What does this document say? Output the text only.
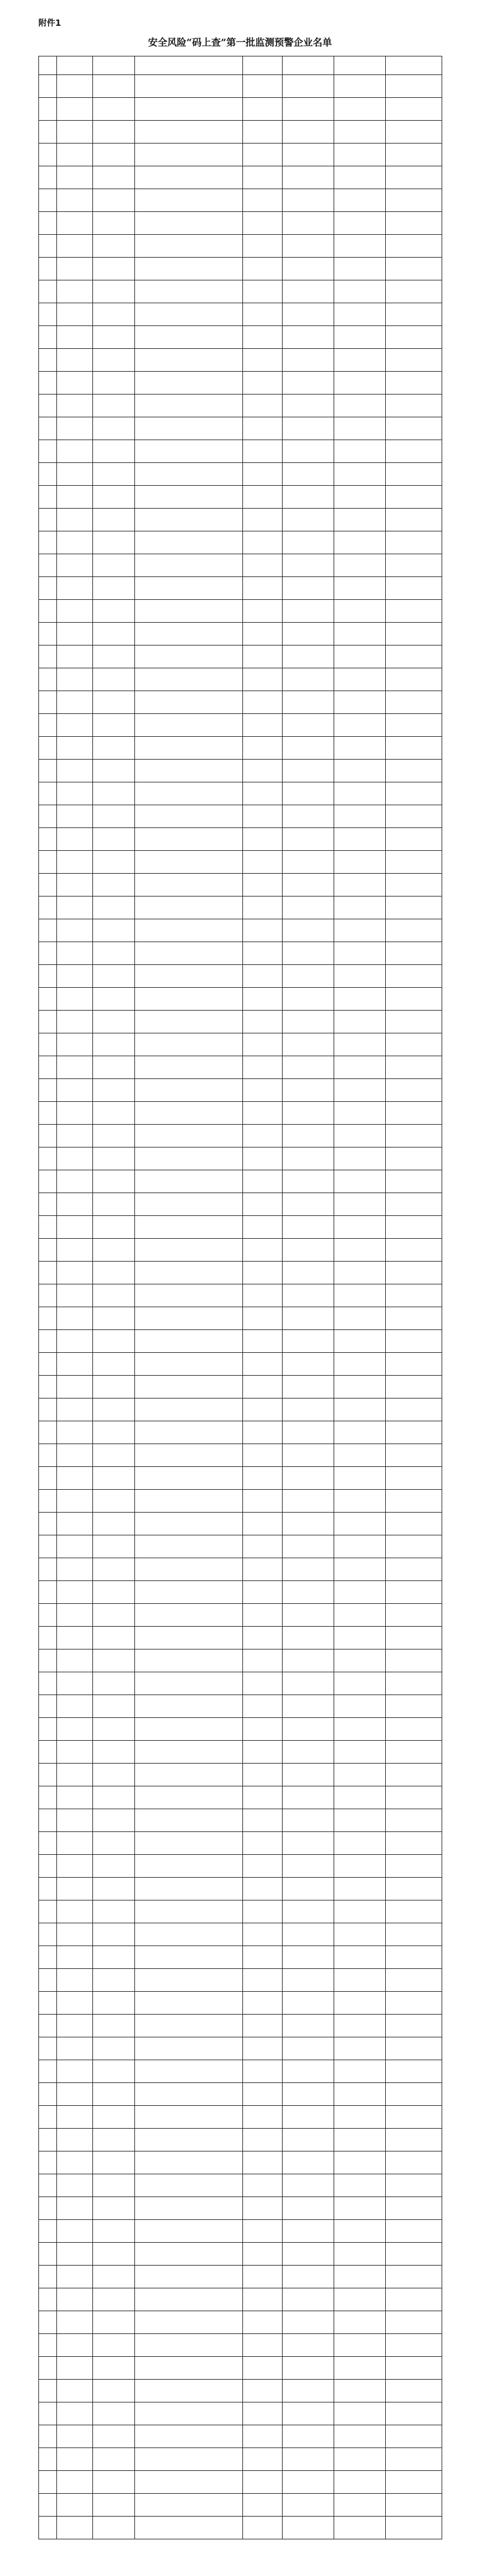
附件1
安全风险“码上查”第一批监测预警企业名单
